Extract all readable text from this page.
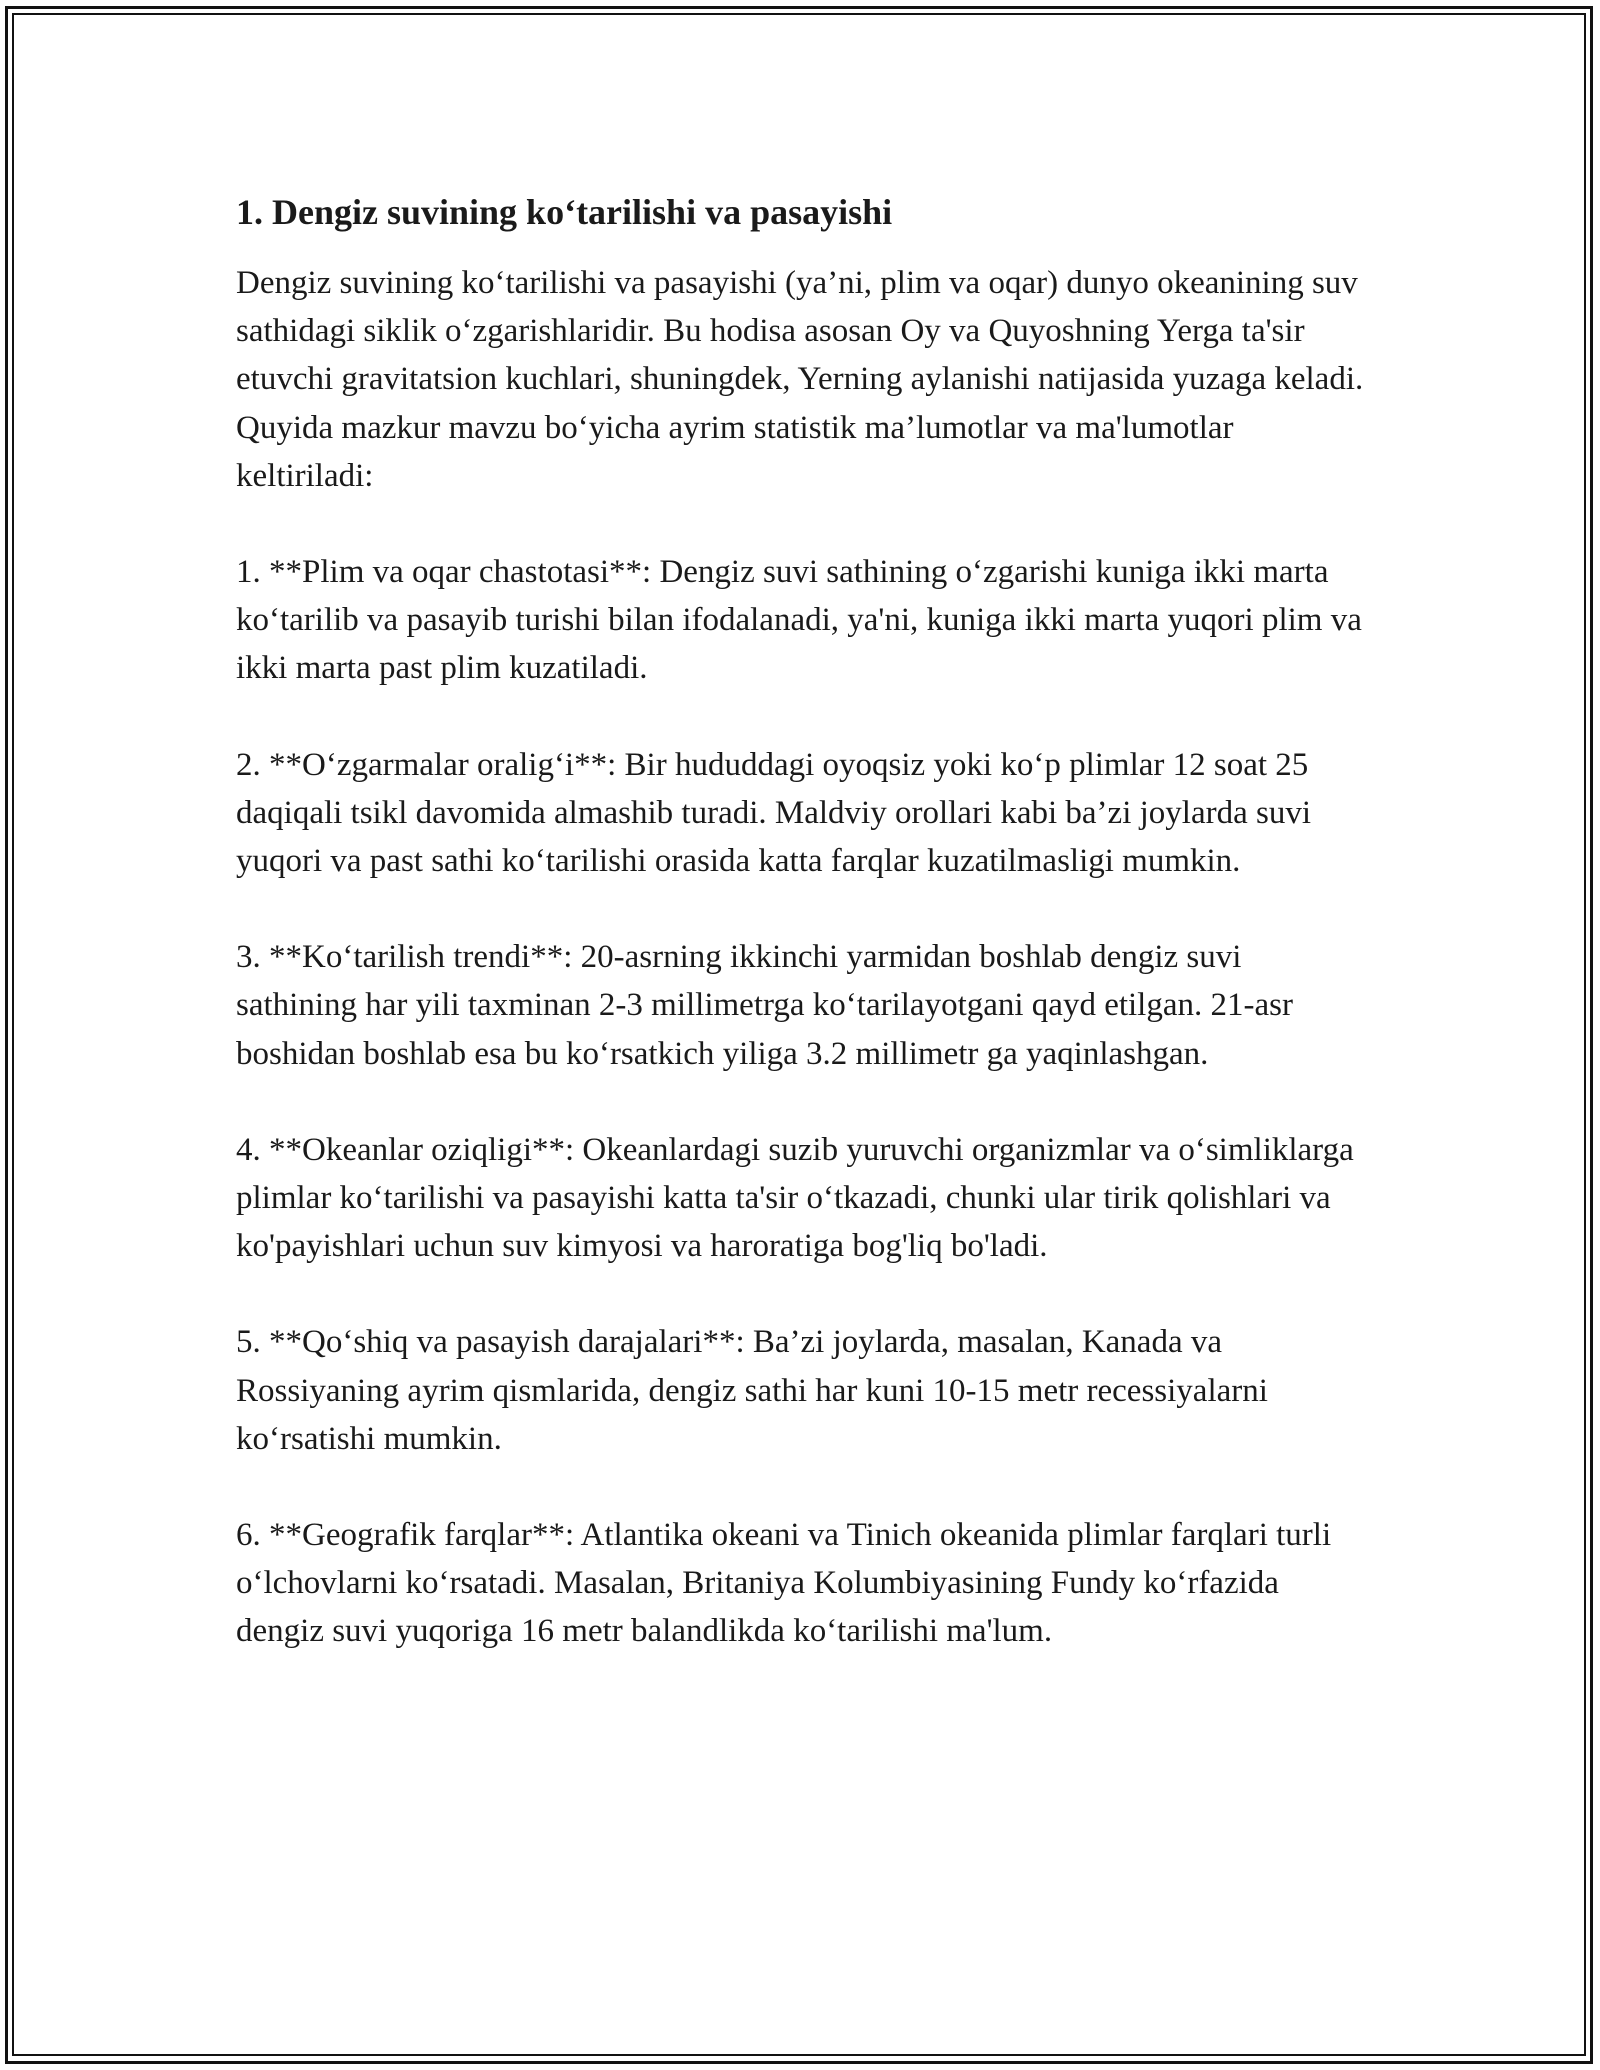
1. Dengiz suvining ko‘tarilishi va pasayishi

Dengiz suvining ko‘tarilishi va pasayishi (ya’ni, plim va oqar) dunyo okeanining suv sathidagi siklik o‘zgarishlaridir. Bu hodisa asosan Oy va Quyoshning Yerga ta'sir etuvchi gravitatsion kuchlari, shuningdek, Yerning aylanishi natijasida yuzaga keladi. Quyida mazkur mavzu bo‘yicha ayrim statistik ma’lumotlar va ma'lumotlar keltiriladi:

1. **Plim va oqar chastotasi**: Dengiz suvi sathining o‘zgarishi kuniga ikki marta ko‘tarilib va pasayib turishi bilan ifodalanadi, ya'ni, kuniga ikki marta yuqori plim va ikki marta past plim kuzatiladi.

2. **O‘zgarmalar oralig‘i**: Bir hududdagi oyoqsiz yoki ko‘p plimlar 12 soat 25 daqiqali tsikl davomida almashib turadi. Maldviy orollari kabi ba’zi joylarda suvi yuqori va past sathi ko‘tarilishi orasida katta farqlar kuzatilmasligi mumkin.

3. **Ko‘tarilish trendi**: 20-asrning ikkinchi yarmidan boshlab dengiz suvi sathining har yili taxminan 2-3 millimetrga ko‘tarilayotgani qayd etilgan. 21-asr boshidan boshlab esa bu ko‘rsatkich yiliga 3.2 millimetr ga yaqinlashgan.

4. **Okeanlar oziqligi**: Okeanlardagi suzib yuruvchi organizmlar va o‘simliklarga plimlar ko‘tarilishi va pasayishi katta ta'sir o‘tkazadi, chunki ular tirik qolishlari va ko'payishlari uchun suv kimyosi va haroratiga bog'liq bo'ladi.

5. **Qo‘shiq va pasayish darajalari**: Ba’zi joylarda, masalan, Kanada va Rossiyaning ayrim qismlarida, dengiz sathi har kuni 10-15 metr recessiyalarni ko‘rsatishi mumkin.

6. **Geografik farqlar**: Atlantika okeani va Tinich okeanida plimlar farqlari turli o‘lchovlarni ko‘rsatadi. Masalan, Britaniya Kolumbiyasining Fundy ko‘rfazida dengiz suvi yuqoriga 16 metr balandlikda ko‘tarilishi ma'lum.
